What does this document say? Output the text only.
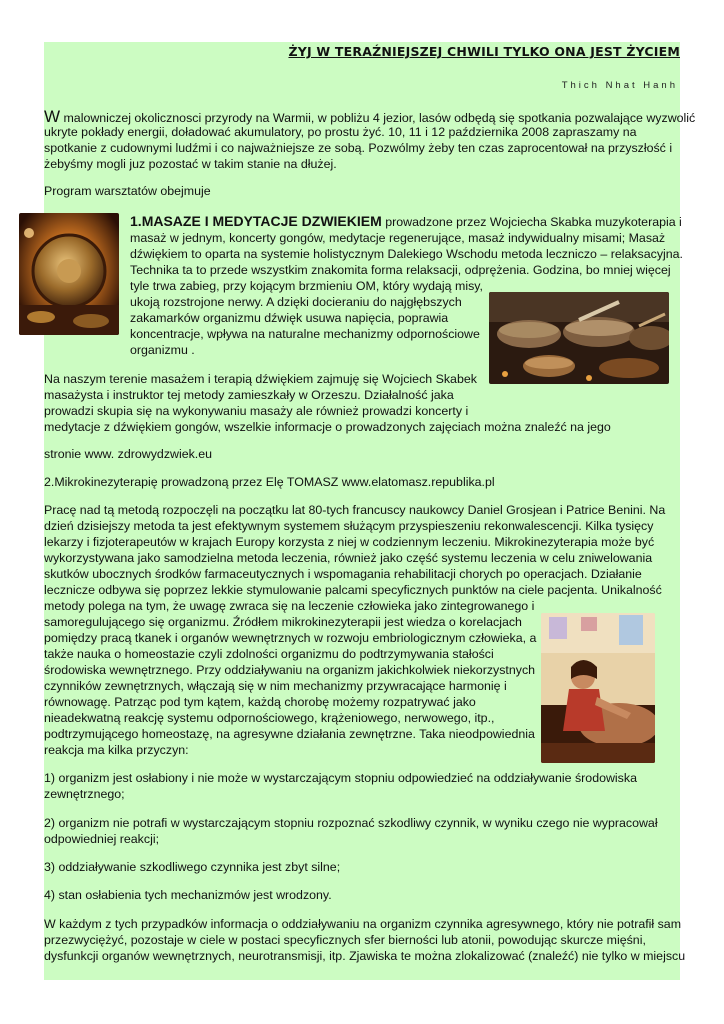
ŻYJ W TERAŹNIEJSZEJ CHWILI TYLKO ONA JEST ŻYCIEM
Thich Nhat Hanh

W malowniczej okolicznosci przyrody na Warmii, w pobliżu 4 jezior, lasów odbędą się spotkania pozwalające wyzwolić

ukryte pokłady energii, doładować akumulatory, po prostu żyć. 10, 11 i 12 października 2008 zapraszamy na

spotkanie z cudownymi ludźmi i co najważniejsze ze sobą. Pozwólmy żeby ten czas zaprocentował na przyszłość i

żebyśmy mogli juz pozostać w takim stanie na dłużej.

Program warsztatów obejmuje

1.MASAZE I MEDYTACJE DZWIEKIEM prowadzone przez Wojciecha Skabka muzykoterapia i

masaż w jednym, koncerty gongów, medytacje regenerujące, masaż indywidualny misami; Masaż

dźwiękiem to oparta na systemie holistycznym Dalekiego Wschodu metoda leczniczo – relaksacyjna.

Technika ta to przede wszystkim znakomita forma relaksacji, odprężenia. Godzina, bo mniej więcej

tyle trwa zabieg, przy kojącym brzmieniu OM, który wydają misy,

ukoją rozstrojone nerwy. A dzięki docieraniu do najgłębszych

zakamarków organizmu dźwięk usuwa napięcia, poprawia

koncentracje, wpływa na naturalne mechanizmy odpornościowe

organizmu .

Na naszym terenie masażem i terapią dźwiękiem zajmuję się Wojciech Skabek

masażysta i instruktor tej metody zamieszkały w Orzeszu. Działalność jaka

prowadzi skupia się na wykonywaniu masaży ale również prowadzi koncerty i

medytacje z dźwiękiem gongów, wszelkie informacje o prowadzonych zajęciach można znaleźć na jego

stronie www. zdrowydzwiek.eu

2.Mikrokinezyterapię prowadzoną przez Elę TOMASZ www.elatomasz.republika.pl

Pracę nad tą metodą rozpoczęli na początku lat 80-tych francuscy naukowcy Daniel Grosjean i Patrice Benini. Na

dzień dzisiejszy metoda ta jest efektywnym systemem służącym przyspieszeniu rekonwalescencji. Kilka tysięcy

lekarzy i fizjoterapeutów w krajach Europy korzysta z niej w codziennym leczeniu. Mikrokinezyterapia może być

wykorzystywana jako samodzielna metoda leczenia, również jako część systemu leczenia w celu zniwelowania

skutków ubocznych środków farmaceutycznych i wspomagania rehabilitacji chorych po operacjach. Działanie

lecznicze odbywa się poprzez lekkie stymulowanie palcami specyficznych punktów na ciele pacjenta. Unikalność

metody polega na tym, że uwagę zwraca się na leczenie człowieka jako zintegrowanego i

samoregulującego się organizmu. Źródłem mikrokinezyterapii jest wiedza o korelacjach

pomiędzy pracą tkanek i organów wewnętrznych w rozwoju embriologicznym człowieka, a

także nauka o homeostazie czyli zdolności organizmu do podtrzymywania stałości

środowiska wewnętrznego. Przy oddziaływaniu na organizm jakichkolwiek niekorzystnych

czynników zewnętrznych, włączają się w nim mechanizmy przywracające harmonię i

równowagę. Patrząc pod tym kątem, każdą chorobę możemy rozpatrywać jako

nieadekwatną reakcję systemu odpornościowego, krążeniowego, nerwowego, itp.,

podtrzymującego homeostazę, na agresywne działania zewnętrzne. Taka nieodpowiednia

reakcja ma kilka przyczyn:

1) organizm jest osłabiony i nie może w wystarczającym stopniu odpowiedzieć na oddziaływanie środowiska

zewnętrznego;

2) organizm nie potrafi w wystarczającym stopniu rozpoznać szkodliwy czynnik, w wyniku czego nie wypracował

odpowiedniej reakcji;

3) oddziaływanie szkodliwego czynnika jest zbyt silne;

4) stan osłabienia tych mechanizmów jest wrodzony.

W każdym z tych przypadków informacja o oddziaływaniu na organizm czynnika agresywnego, który nie potrafił sam

przezwyciężyć, pozostaje w ciele w postaci specyficznych sfer bierności lub atonii, powodując skurcze mięśni,

dysfunkcji organów wewnętrznych, neurotransmisji, itp. Zjawiska te można zlokalizować (znaleźć) nie tylko w miejscu
